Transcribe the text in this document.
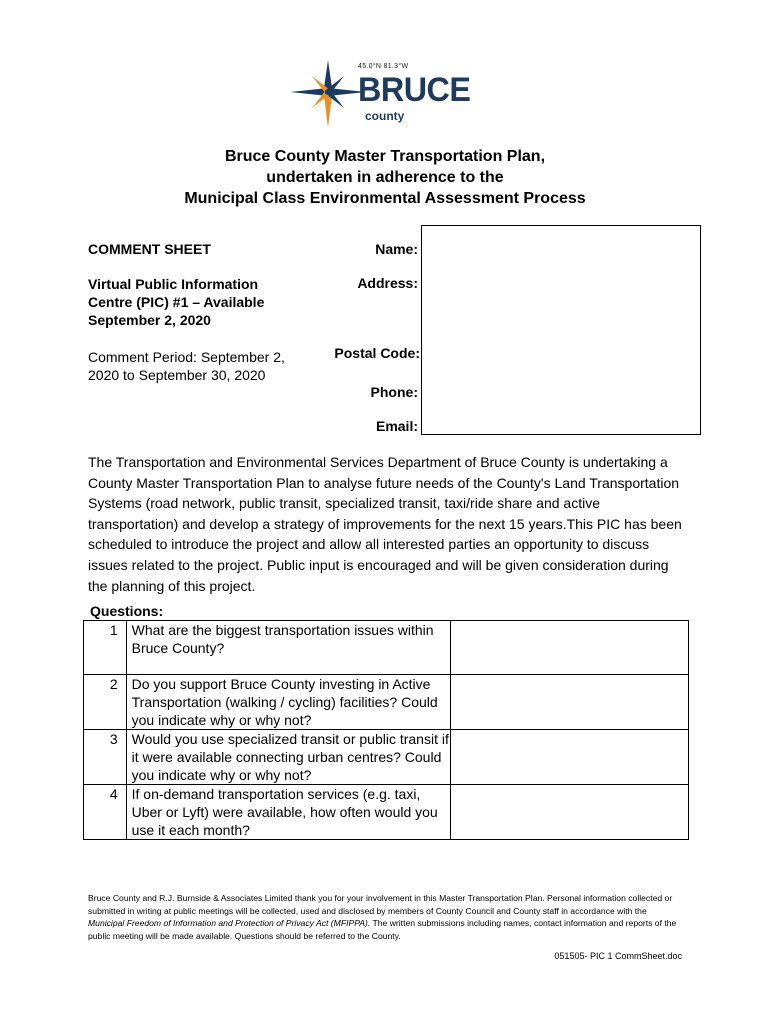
45.0°N 81.3°W
BRUCE
county
Bruce County Master Transportation Plan,
undertaken in adherence to the
Municipal Class Environmental Assessment Process
COMMENT SHEET
Virtual Public Information
Centre (PIC) #1 – Available
September 2, 2020
Comment Period: September 2,
2020 to September 30, 2020
Name:
Address:
Postal Code:
Phone:
Email:
The Transportation and Environmental Services Department of Bruce County is undertaking a County Master Transportation Plan to analyse future needs of the County's Land Transportation Systems (road network, public transit, specialized transit, taxi/ride share and active transportation) and develop a strategy of improvements for the next 15 years.This PIC has been scheduled to introduce the project and allow all interested parties an opportunity to discuss issues related to the project. Public input is encouraged and will be given consideration during the planning of this project.
Questions:
1	What are the biggest transportation issues within Bruce County?	
2	Do you support Bruce County investing in Active Transportation (walking / cycling) facilities? Could you indicate why or why not?	
3	Would you use specialized transit or public transit if it were available connecting urban centres? Could you indicate why or why not?	
4	If on-demand transportation services (e.g. taxi, Uber or Lyft) were available, how often would you use it each month?	
Bruce County and R.J. Burnside & Associates Limited thank you for your involvement in this Master Transportation Plan. Personal information collected or submitted in writing at public meetings will be collected, used and disclosed by members of County Council and County staff in accordance with the Municipal Freedom of Information and Protection of Privacy Act (MFIPPA). The written submissions including names, contact information and reports of the public meeting will be made available. Questions should be referred to the County.
051505- PIC 1 CommSheet.doc
